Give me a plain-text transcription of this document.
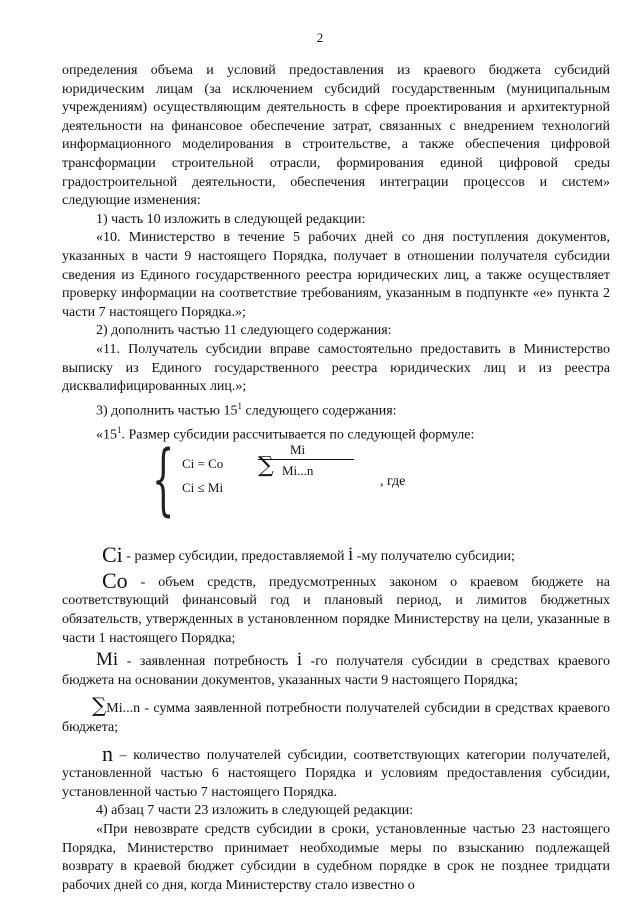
2

определения объема и условий предоставления из краевого бюджета субсидий юридическим лицам (за исключением субсидий государственным (муниципальным учреждениям) осуществляющим деятельность в сфере проектирования и архитектурной деятельности на финансовое обеспечение затрат, связанных с внедрением технологий информационного моделирования в строительстве, а также обеспечения цифровой трансформации строительной отрасли, формирования единой цифровой среды градостроительной деятельности, обеспечения интеграции процессов и систем» следующие изменения:

1) часть 10 изложить в следующей редакции:

«10. Министерство в течение 5 рабочих дней со дня поступления документов, указанных в части 9 настоящего Порядка, получает в отношении получателя субсидии сведения из Единого государственного реестра юридических лиц, а также осуществляет проверку информации на соответствие требованиям, указанным в подпункте «е» пункта 2 части 7 настоящего Порядка.»;

2) дополнить частью 11 следующего содержания:

«11. Получатель субсидии вправе самостоятельно предоставить в Министерство выписку из Единого государственного реестра юридических лиц и из реестра дисквалифицированных лиц.»;

3) дополнить частью $15^1$ следующего содержания:

«$15^1$. Размер субсидии рассчитывается по следующей формуле:

{ Ci = Co
Mi
∑ Mi...n
Ci ≤ Mi	, где

Ci - размер субсидии, предоставляемой i -му получателю субсидии;

Co - объем средств, предусмотренных законом о краевом бюджете на соответствующий финансовый год и плановый период, и лимитов бюджетных обязательств, утвержденных в установленном порядке Министерству на цели, указанные в части 1 настоящего Порядка;

Mi - заявленная потребность i -го получателя субсидии в средствах краевого бюджета на основании документов, указанных части 9 настоящего Порядка;

∑Mi...n - сумма заявленной потребности получателей субсидии в средствах краевого бюджета;

n – количество получателей субсидии, соответствующих категории получателей, установленной частью 6 настоящего Порядка и условиям предоставления субсидии, установленной частью 7 настоящего Порядка.

4) абзац 7 части 23 изложить в следующей редакции:

«При невозврате средств субсидии в сроки, установленные частью 23 настоящего Порядка, Министерство принимает необходимые меры по взысканию подлежащей возврату в краевой бюджет субсидии в судебном порядке в срок не позднее тридцати рабочих дней со дня, когда Министерству стало известно о
